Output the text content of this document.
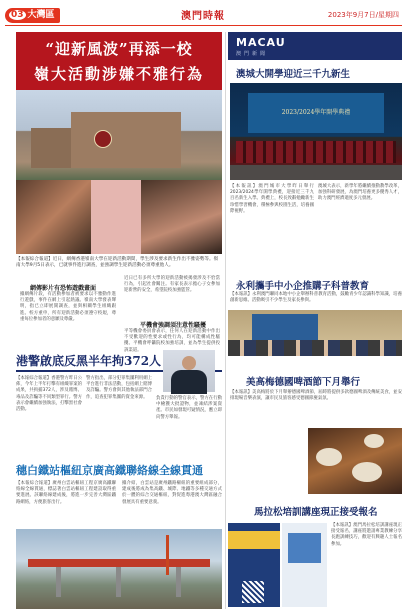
03 大灣區	澳門時報	2023年9月7日/星期四
“迎新風波”再添一校
嶺大活動涉嫌不雅行為
【本報綜合報道】近日，網傳香港嶺南大學在迎新活動期間，學生涉及要求新生作出不雅姿勢等。嶺南大學9月5日表示，已就事件進行調查，並強調學生迎新活動必須尊重他人。
網傳影片有恐怖遊戲畫面
據網傳片段，有活動參加者被要求以不雅動作進行遊戲，事件在網上引起熱議。嶺南大學發表聲明，指已立即展開調查，並與相關學生組織跟進。校方重申，所有迎新活動必須遵守校規，尊重每位參加者的意願及尊嚴。
近日已有多所大學的迎新活動被揭發涉及不恰當行為，引起社會關注。有家長表示擔心子女參加迎新營的安全，希望院校加強監管。
平機會強調須注意性騷擾
平等機會委員會表示，任何人在迎新活動中作出不受歡迎的性要求或性行為，均可能構成性騷擾。平機會呼籲院校加強培訓，並為學生提供投訴渠道。
港警啟底反黑半年拘372人
【本報綜合報道】香港警方昨日公佈，今年上半年打擊有組織罪案的成果，共拘捕372人，涉及賭博、毒品及詐騙等不同類型罪行。警方表示會繼續加強執法，打擊黑社會活動。
警方指出，部分犯罪集團利用網上平台進行非法活動，包括網上賭博及詐騙。警方會與其他執法部門合作，追查犯罪集團的資金來源。	負責行動的警官表示，警方在行動中檢獲大批證物，並凍結涉案資產。市民如發現可疑情況，應立即向警方舉報。
穗白鐵站樞紐京廣高鐵聯絡線全線貫通
【本報綜合報道】廣州白雲站樞紐工程京廣高鐵聯絡線全線貫通，標誌著白雲站樞紐工程建設取得重要進展。該聯絡線建成後，將進一步完善大灣區鐵路網絡，方便旅客出行。
據介紹，白雲站是廣州鐵路樞紐的重要組成部分，建成後將成為集高鐵、城際、地鐵等多種交通方式於一體的綜合交通樞紐，對促進粵港澳大灣區融合發展具有重要意義。
MACAU
澳門新聞
澳城大開學迎近三千九新生
2023/2024學年開學典禮
【本報訊】澳門城市大學昨日舉行2023/2024學年開學典禮，迎接近三千九百名新生入學。典禮上，校長致辭勉勵新生珍惜學習機會，積極參與校園生活，培養國際視野。
澳城大表示，新學年將繼續推動教學改革，加強科研發展，為澳門培養更多優秀人才，助力澳門經濟適度多元發展。
永利攜手中小企推購子科普教育
【本報訊】永利澳門聯同本地中小企舉辦科普教育活動，鼓勵青少年認識科學知識，培養創新思維。活動吸引不少學生及家長參與。
美高梅德國啤酒節下月舉行
【本報訊】美高梅將於下月舉辦德國啤酒節，屆時將提供多款德國啤酒及傳統美食，並安排現場音樂表演，讓市民及旅客感受德國節慶氣氛。
馬拉松培訓講座現正接受報名
【本報訊】澳門馬拉松培訓講座現正接受報名，講座將邀請專業教練分享長跑訓練技巧，歡迎有興趣人士報名參加。
